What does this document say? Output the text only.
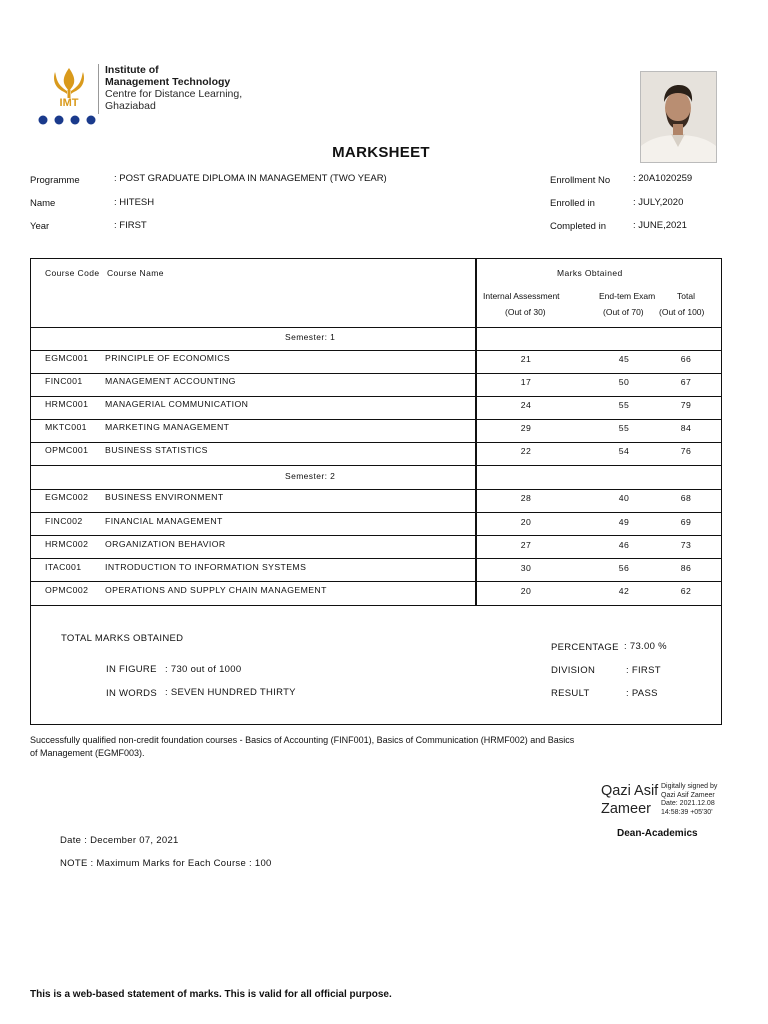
IMT
Institute of
Management Technology
Centre for Distance Learning,
Ghaziabad
MARKSHEET
Programme	: POST GRADUATE DIPLOMA IN MANAGEMENT (TWO YEAR)
Name	: HITESH
Year	: FIRST
Enrollment No : 20A1020259
Enrolled in	: JULY,2020
Completed in	: JUNE,2021
Course Code Course Name	Marks Obtained
Internal Assessment
(Out of 30)
End-tem Exam
(Out of 70)
Total
(Out of 100)
Semester: 1
EGMC001 PRINCIPLE OF ECONOMICS	21	45	66
FINC001	MANAGEMENT ACCOUNTING	17	50	67
HRMC001 MANAGERIAL COMMUNICATION	24	55	79
MKTC001 MARKETING MANAGEMENT	29	55	84
OPMC001 BUSINESS STATISTICS	22	54	76
Semester: 2
EGMC002 BUSINESS ENVIRONMENT	28	40	68
FINC002	FINANCIAL MANAGEMENT	20	49	69
HRMC002 ORGANIZATION BEHAVIOR	27	46	73
ITAC001	INTRODUCTION TO INFORMATION SYSTEMS	30	56	86
OPMC002 OPERATIONS AND SUPPLY CHAIN MANAGEMENT	20	42	62
TOTAL MARKS OBTAINED
IN FIGURE : 730 out of 1000
IN WORDS : SEVEN HUNDRED THIRTY
PERCENTAGE : 73.00 %
DIVISION	: FIRST
RESULT	: PASS
Successfully qualified non-credit foundation courses - Basics of Accounting (FINF001), Basics of Communication (HRMF002) and Basics
of Management (EGMF003).
Qazi Asif
Zameer
Digitally signed by
Qazi Asif Zameer
Date: 2021.12.08
14:58:39 +05'30'
Dean-Academics
Date : December 07, 2021
NOTE : Maximum Marks for Each Course : 100
This is a web-based statement of marks. This is valid for all official purpose.
